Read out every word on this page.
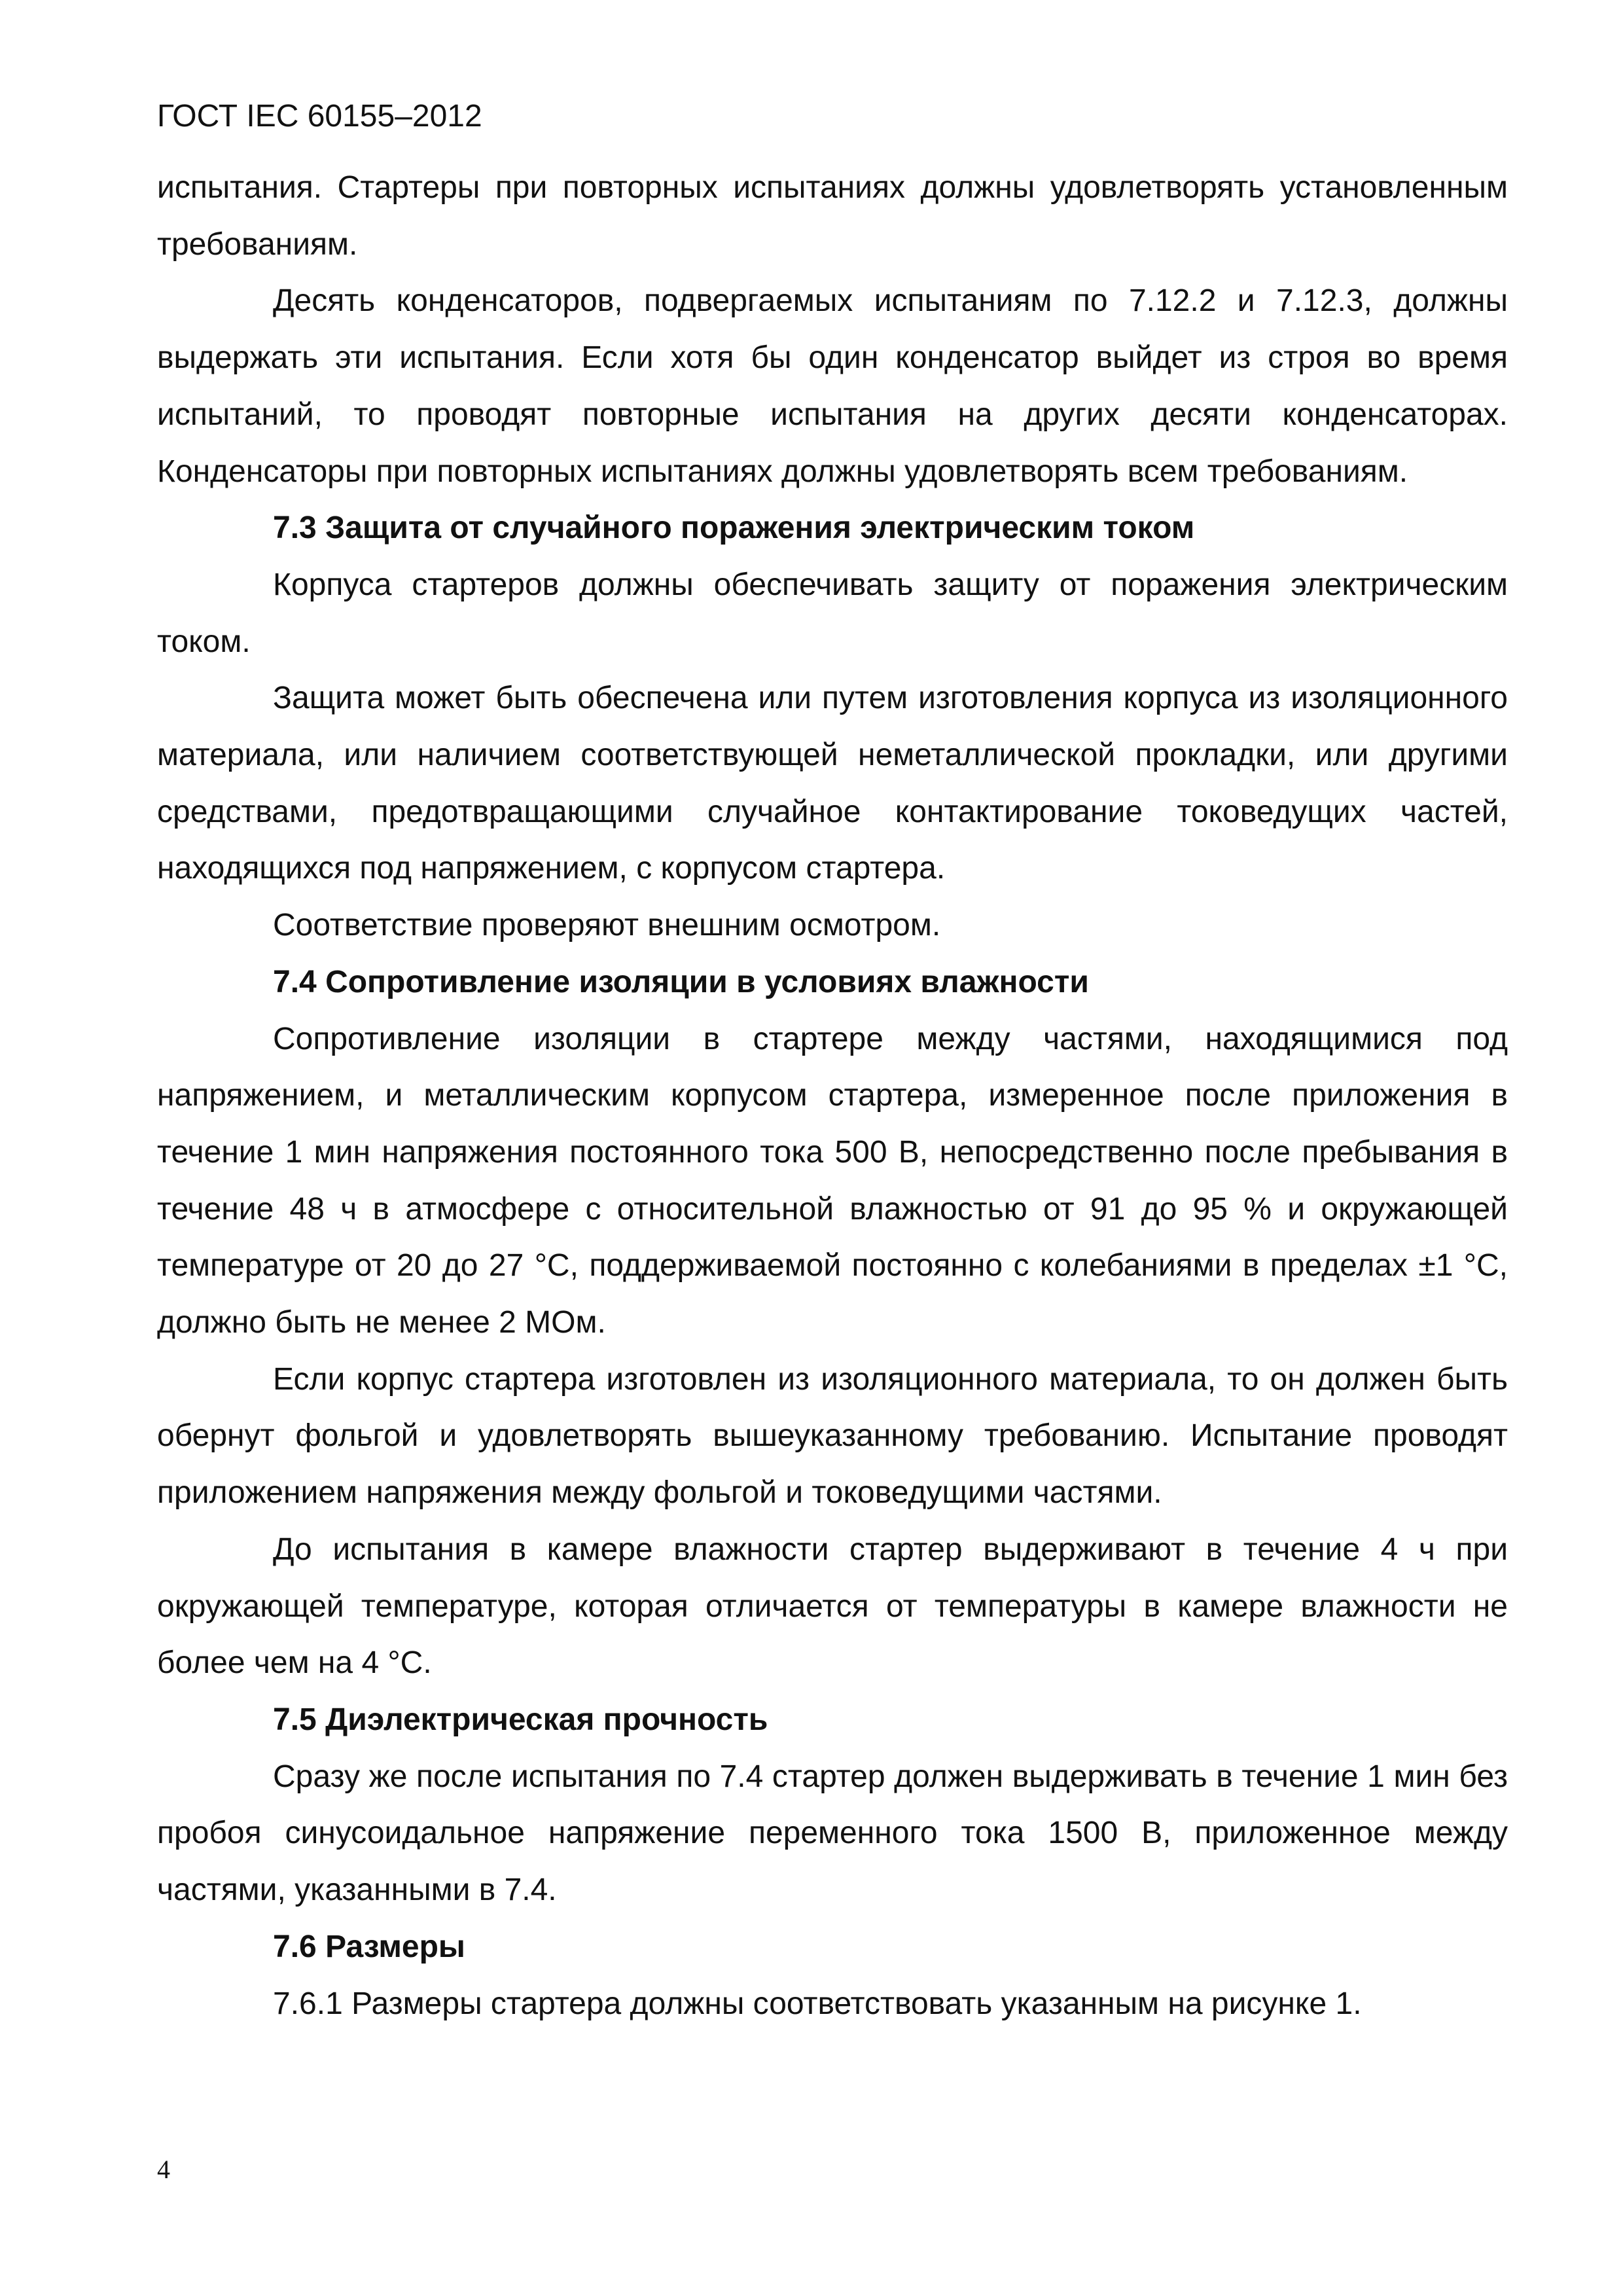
ГОСТ IEC 60155–2012

испытания. Стартеры при повторных испытаниях должны удовлетворять установленным требованиям.

Десять конденсаторов, подвергаемых испытаниям по 7.12.2 и 7.12.3, должны выдержать эти испытания. Если хотя бы один конденсатор выйдет из строя во время испытаний, то проводят повторные испытания на других десяти конденсаторах. Конденсаторы при повторных испытаниях должны удовлетворять всем требованиям.

7.3 Защита от случайного поражения электрическим током

Корпуса стартеров должны обеспечивать защиту от поражения электрическим током.

Защита может быть обеспечена или путем изготовления корпуса из изоляционного материала, или наличием соответствующей неметаллической прокладки, или другими средствами, предотвращающими случайное контактирование токоведущих частей, находящихся под напряжением, с корпусом стартера.

Соответствие проверяют внешним осмотром.

7.4 Сопротивление изоляции в условиях влажности

Сопротивление изоляции в стартере между частями, находящимися под напряжением, и металлическим корпусом стартера, измеренное после приложения в течение 1 мин напряжения постоянного тока 500 В, непосредственно после пребывания в течение 48 ч в атмосфере с относительной влажностью от 91 до 95 % и окружающей температуре от 20 до 27 °С, поддерживаемой постоянно с колебаниями в пределах ±1 °С, должно быть не менее 2 МОм.

Если корпус стартера изготовлен из изоляционного материала, то он должен быть обернут фольгой и удовлетворять вышеуказанному требованию. Испытание проводят приложением напряжения между фольгой и токоведущими частями.

До испытания в камере влажности стартер выдерживают в течение 4 ч при окружающей температуре, которая отличается от температуры в камере влажности не более чем на 4 °С.

7.5 Диэлектрическая прочность

Сразу же после испытания по 7.4 стартер должен выдерживать в течение 1 мин без пробоя синусоидальное напряжение переменного тока 1500 В, приложенное между частями, указанными в 7.4.

7.6 Размеры

7.6.1 Размеры стартера должны соответствовать указанным на рисунке 1.

4
